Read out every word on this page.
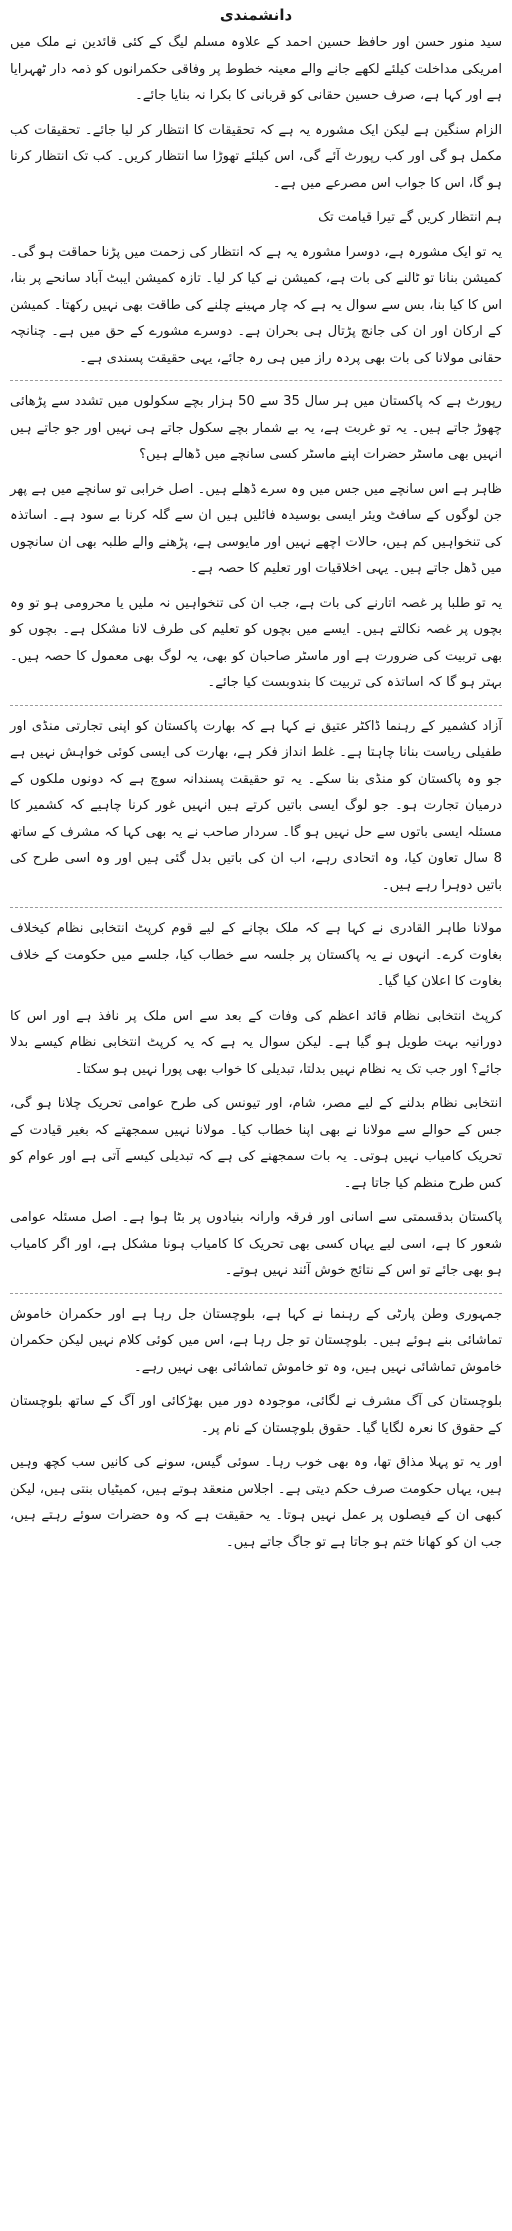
دانشمندی

سید منور حسن اور حافظ حسین احمد کے علاوہ مسلم لیگ کے کئی قائدین نے ملک میں امریکی مداخلت کیلئے لکھے جانے والے معینہ خطوط پر وفاقی حکمرانوں کو ذمہ دار ٹھہرایا ہے اور کہا ہے، صرف حسین حقانی کو قربانی کا بکرا نہ بنایا جائے۔

الزام سنگین ہے لیکن ایک مشورہ یہ ہے کہ تحقیقات کا انتظار کر لیا جائے۔ تحقیقات کب مکمل ہو گی اور کب رپورٹ آئے گی، اس کیلئے تھوڑا سا انتظار کریں۔ کب تک انتظار کرنا ہو گا، اس کا جواب اس مصرعے میں ہے۔

ہم انتظار کریں گے تیرا قیامت تک

یہ تو ایک مشورہ ہے، دوسرا مشورہ یہ ہے کہ انتظار کی زحمت میں پڑنا حماقت ہو گی۔ کمیشن بنانا تو ٹالنے کی بات ہے، کمیشن نے کیا کر لیا۔ تازہ کمیشن ایبٹ آباد سانحے پر بنا، اس کا کیا بنا، بس سے سوال یہ ہے کہ چار مہینے چلنے کی طاقت بھی نہیں رکھتا۔ کمیشن کے ارکان اور ان کی جانچ پڑتال ہی بحران ہے۔ دوسرے مشورے کے حق میں ہے۔ چنانچہ حقانی مولانا کی بات بھی پردہ راز میں ہی رہ جائے، یہی حقیقت پسندی ہے۔

رپورٹ ہے کہ پاکستان میں ہر سال 35 سے 50 ہزار بچے سکولوں میں تشدد سے پڑھائی چھوڑ جاتے ہیں۔ یہ تو غربت ہے، یہ بے شمار بچے سکول جاتے ہی نہیں اور جو جاتے ہیں انہیں بھی ماسٹر حضرات اپنے ماسٹر کسی سانچے میں ڈھالے ہیں؟

ظاہر ہے اس سانچے میں جس میں وہ سرے ڈھلے ہیں۔ اصل خرابی تو سانچے میں ہے پھر جن لوگوں کے سافٹ ویئر ایسی بوسیدہ فائلیں ہیں ان سے گلہ کرنا بے سود ہے۔ اساتذہ کی تنخواہیں کم ہیں، حالات اچھے نہیں اور مایوسی ہے، پڑھنے والے طلبہ بھی ان سانچوں میں ڈھل جاتے ہیں۔ یہی اخلاقیات اور تعلیم کا حصہ ہے۔

یہ تو طلبا پر غصہ اتارنے کی بات ہے، جب ان کی تنخواہیں نہ ملیں یا محرومی ہو تو وہ بچوں پر غصہ نکالتے ہیں۔ ایسے میں بچوں کو تعلیم کی طرف لانا مشکل ہے۔ بچوں کو بھی تربیت کی ضرورت ہے اور ماسٹر صاحبان کو بھی، یہ لوگ بھی معمول کا حصہ ہیں۔ بہتر ہو گا کہ اساتذہ کی تربیت کا بندوبست کیا جائے۔

آزاد کشمیر کے رہنما ڈاکٹر عتیق نے کہا ہے کہ بھارت پاکستان کو اپنی تجارتی منڈی اور طفیلی ریاست بنانا چاہتا ہے۔ غلط انداز فکر ہے، بھارت کی ایسی کوئی خواہش نہیں ہے جو وہ پاکستان کو منڈی بنا سکے۔ یہ تو حقیقت پسندانہ سوچ ہے کہ دونوں ملکوں کے درمیان تجارت ہو۔ جو لوگ ایسی باتیں کرتے ہیں انہیں غور کرنا چاہیے کہ کشمیر کا مسئلہ ایسی باتوں سے حل نہیں ہو گا۔ سردار صاحب نے یہ بھی کہا کہ مشرف کے ساتھ 8 سال تعاون کیا، وہ اتحادی رہے، اب ان کی باتیں بدل گئی ہیں اور وہ اسی طرح کی باتیں دوہرا رہے ہیں۔

مولانا طاہر القادری نے کہا ہے کہ ملک بچانے کے لیے قوم کرپٹ انتخابی نظام کیخلاف بغاوت کرے۔ انہوں نے یہ پاکستان پر جلسہ سے خطاب کیا، جلسے میں حکومت کے خلاف بغاوت کا اعلان کیا گیا۔

کرپٹ انتخابی نظام قائد اعظم کی وفات کے بعد سے اس ملک پر نافذ ہے اور اس کا دورانیہ بہت طویل ہو گیا ہے۔ لیکن سوال یہ ہے کہ یہ کرپٹ انتخابی نظام کیسے بدلا جائے؟ اور جب تک یہ نظام نہیں بدلتا، تبدیلی کا خواب بھی پورا نہیں ہو سکتا۔

انتخابی نظام بدلنے کے لیے مصر، شام، اور تیونس کی طرح عوامی تحریک چلانا ہو گی، جس کے حوالے سے مولانا نے بھی اپنا خطاب کیا۔ مولانا نہیں سمجھتے کہ بغیر قیادت کے تحریک کامیاب نہیں ہوتی۔ یہ بات سمجھنے کی ہے کہ تبدیلی کیسے آتی ہے اور عوام کو کس طرح منظم کیا جاتا ہے۔

پاکستان بدقسمتی سے اسانی اور فرقہ وارانہ بنیادوں پر بٹا ہوا ہے۔ اصل مسئلہ عوامی شعور کا ہے، اسی لیے یہاں کسی بھی تحریک کا کامیاب ہونا مشکل ہے، اور اگر کامیاب ہو بھی جائے تو اس کے نتائج خوش آئند نہیں ہوتے۔

جمہوری وطن پارٹی کے رہنما نے کہا ہے، بلوچستان جل رہا ہے اور حکمران خاموش تماشائی بنے ہوئے ہیں۔ بلوچستان تو جل رہا ہے، اس میں کوئی کلام نہیں لیکن حکمران خاموش تماشائی نہیں ہیں، وہ تو خاموش تماشائی بھی نہیں رہے۔

بلوچستان کی آگ مشرف نے لگائی، موجودہ دور میں بھڑکائی اور آگ کے ساتھ بلوچستان کے حقوق کا نعرہ لگایا گیا۔ حقوق بلوچستان کے نام پر۔

اور یہ تو پہلا مذاق تھا، وہ بھی خوب رہا۔ سوئی گیس، سونے کی کانیں سب کچھ وہیں ہیں، یہاں حکومت صرف حکم دیتی ہے۔ اجلاس منعقد ہوتے ہیں، کمیٹیاں بنتی ہیں، لیکن کبھی ان کے فیصلوں پر عمل نہیں ہوتا۔ یہ حقیقت ہے کہ وہ حضرات سوئے رہتے ہیں، جب ان کو کھانا ختم ہو جاتا ہے تو جاگ جاتے ہیں۔
